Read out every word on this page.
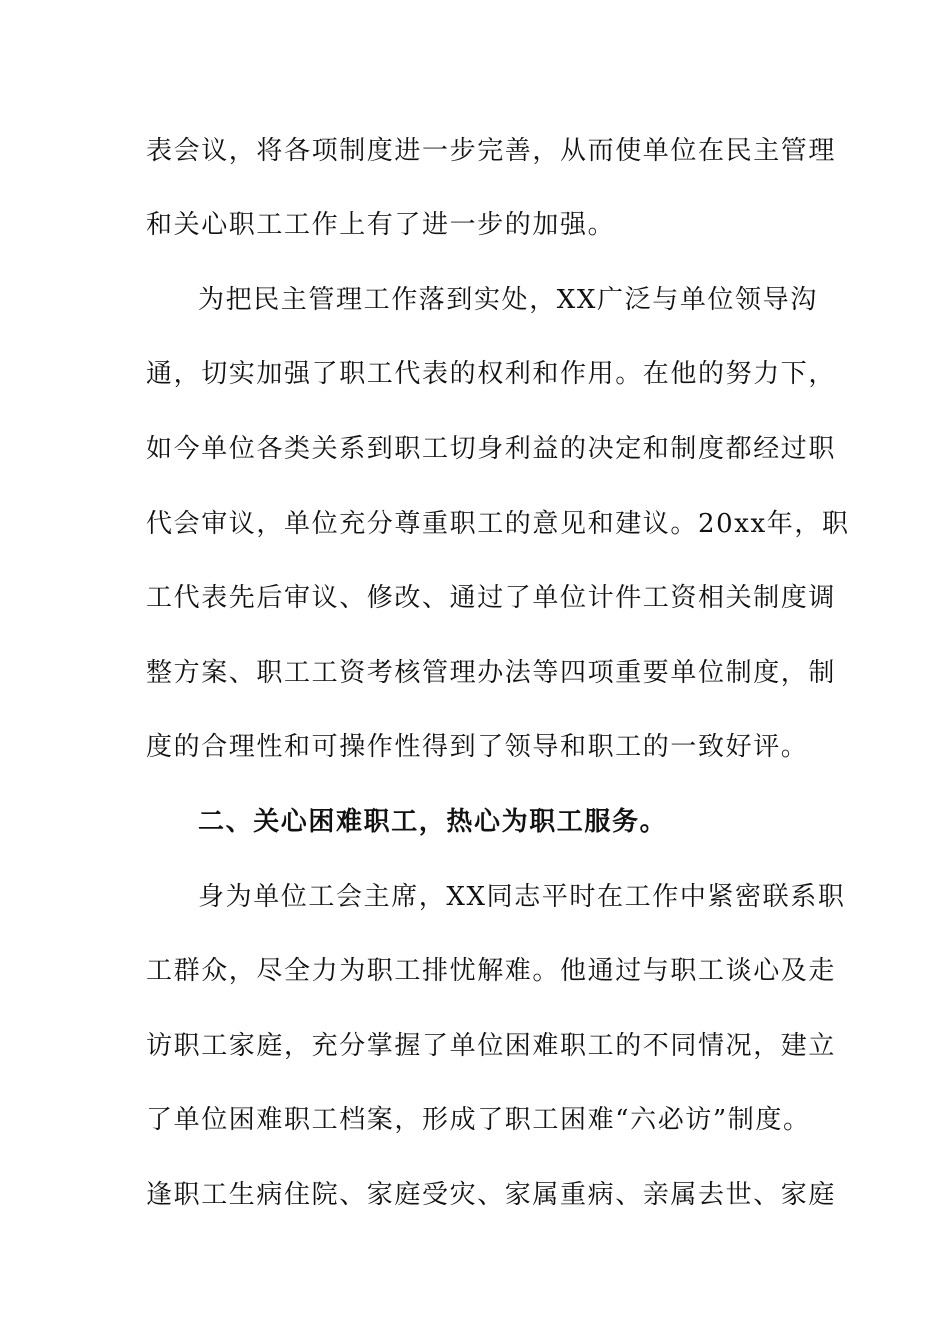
表会议，将各项制度进一步完善，从而使单位在民主管理
和关心职工工作上有了进一步的加强。
为把民主管理工作落到实处，XX广泛与单位领导沟
通，切实加强了职工代表的权利和作用。在他的努力下，
如今单位各类关系到职工切身利益的决定和制度都经过职
代会审议，单位充分尊重职工的意见和建议。20xx年，职
工代表先后审议、修改、通过了单位计件工资相关制度调
整方案、职工工资考核管理办法等四项重要单位制度，制
度的合理性和可操作性得到了领导和职工的一致好评。
二、关心困难职工，热心为职工服务。
身为单位工会主席，XX同志平时在工作中紧密联系职
工群众，尽全力为职工排忧解难。他通过与职工谈心及走
访职工家庭，充分掌握了单位困难职工的不同情况，建立
了单位困难职工档案，形成了职工困难“六必访”制度。
逢职工生病住院、家庭受灾、家属重病、亲属去世、家庭
